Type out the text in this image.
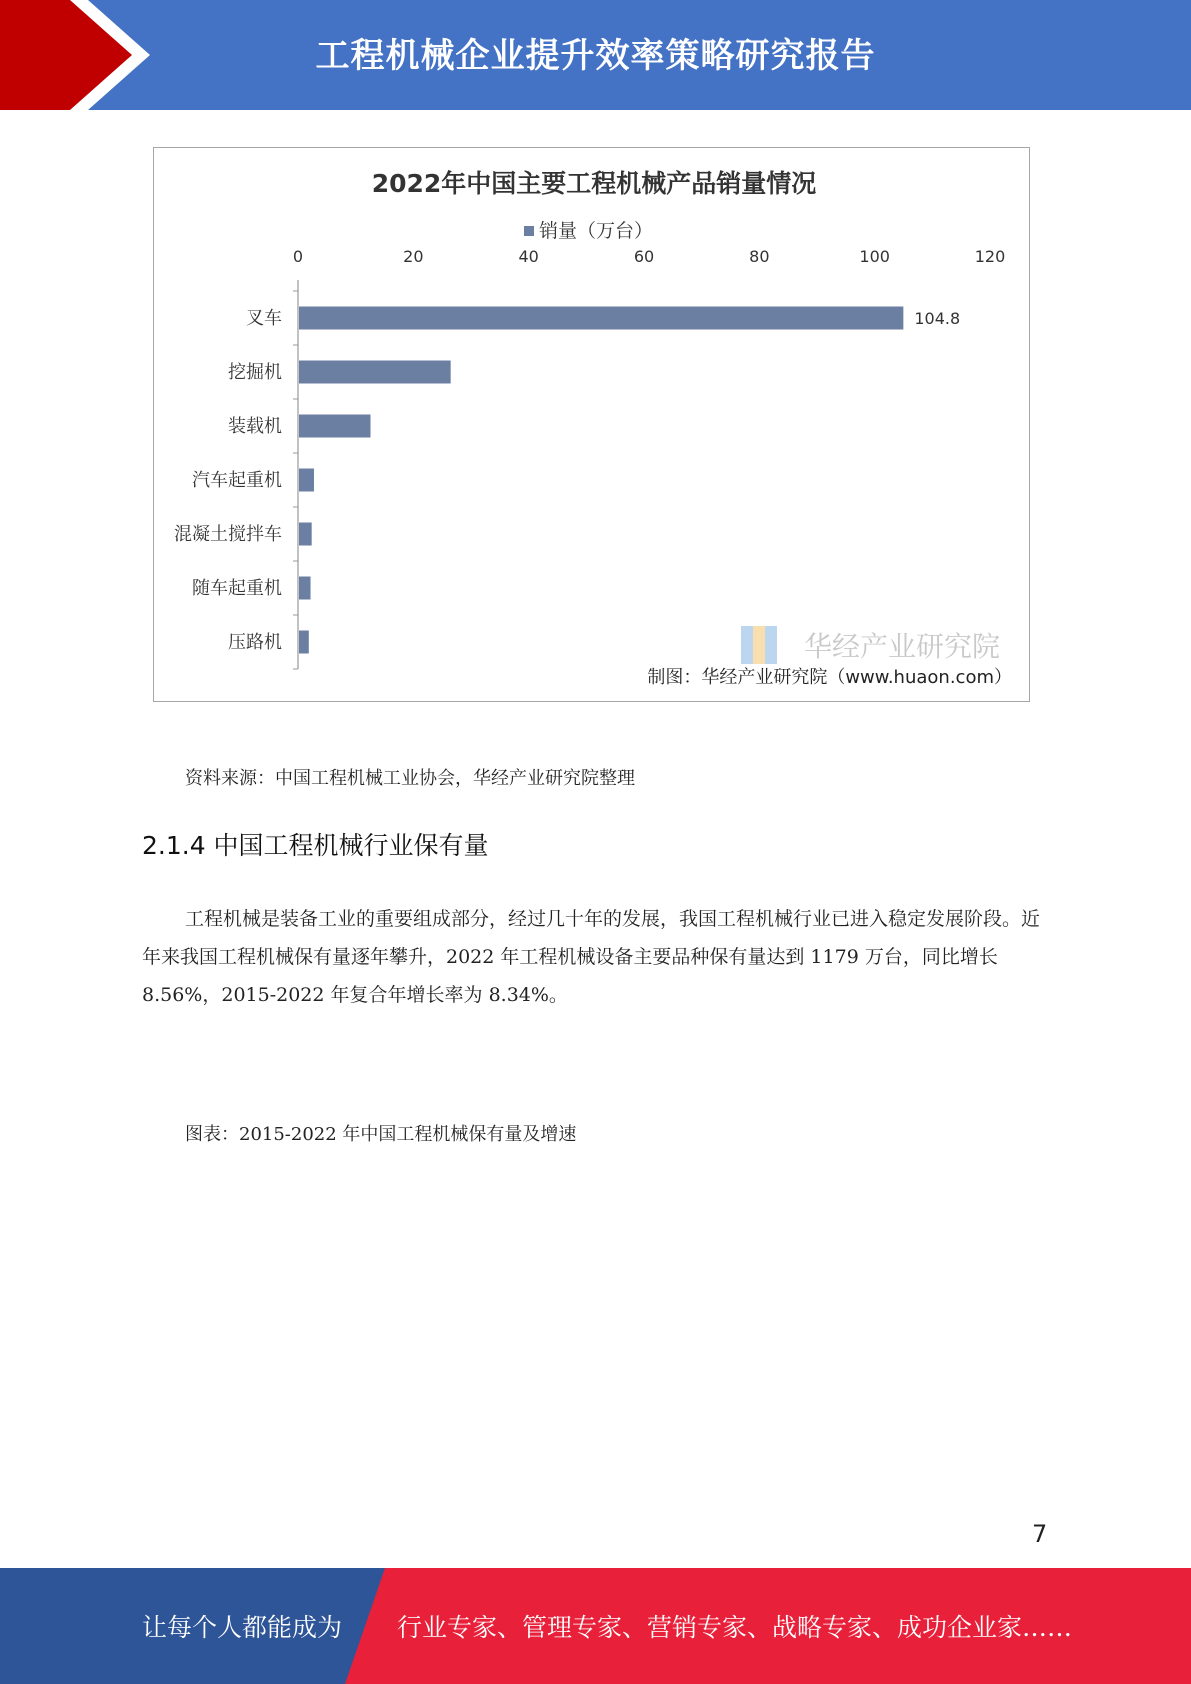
工程机械企业提升效率策略研究报告
2022年中国主要工程机械产品销量情况
销量（万台）
0	20	40	60	80	100	120
叉车
挖掘机
装载机
汽车起重机
混凝土搅拌车
随车起重机
压路机
104.8
华经产业研究院
制图：华经产业研究院（www.huaon.com）
资料来源：中国工程机械工业协会，华经产业研究院整理
2.1.4 中国工程机械行业保有量
工程机械是装备工业的重要组成部分，经过几十年的发展，我国工程机械行业已进入稳定发展阶段。近年来我国工程机械保有量逐年攀升，2022 年工程机械设备主要品种保有量达到 1179 万台，同比增长 8.56%，2015-2022 年复合年增长率为 8.34%。
图表：2015-2022 年中国工程机械保有量及增速
7
让每个人都能成为 行业专家、管理专家、营销专家、战略专家、成功企业家……
